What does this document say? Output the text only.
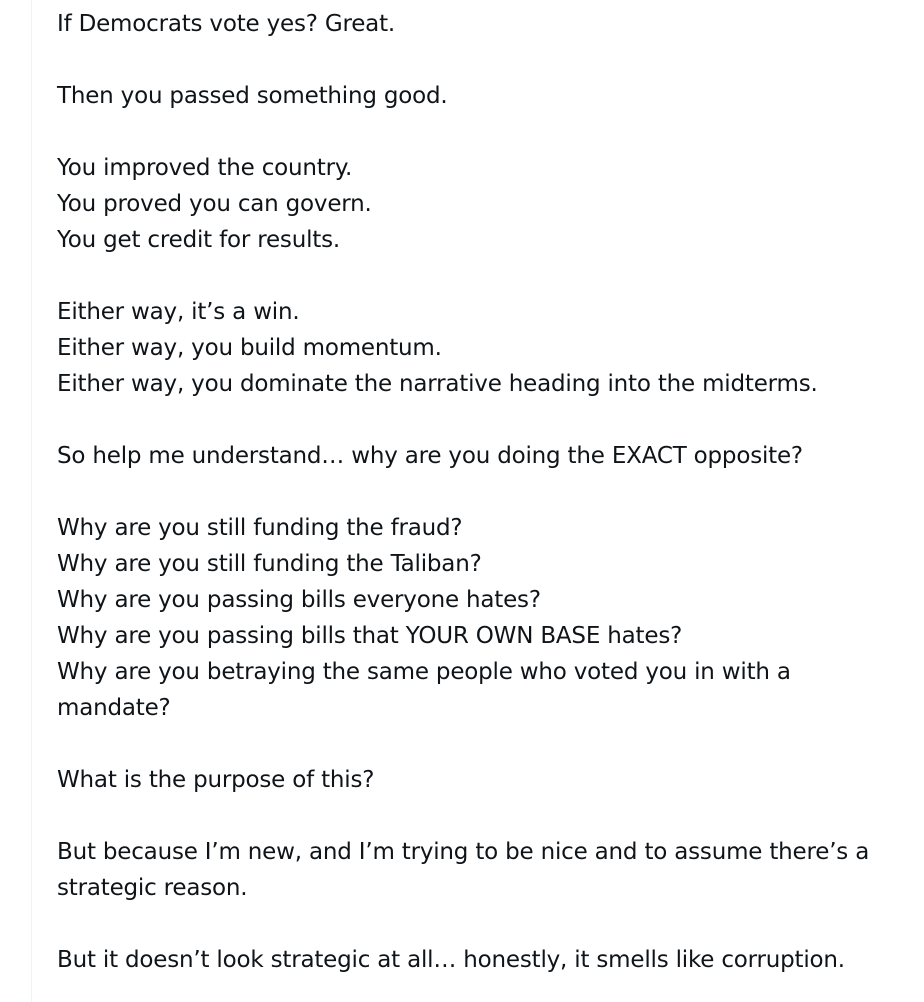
If Democrats vote yes? Great.

Then you passed something good.

You improved the country.
You proved you can govern.
You get credit for results.

Either way, it’s a win.
Either way, you build momentum.
Either way, you dominate the narrative heading into the midterms.

So help me understand… why are you doing the EXACT opposite?

Why are you still funding the fraud?
Why are you still funding the Taliban?
Why are you passing bills everyone hates?
Why are you passing bills that YOUR OWN BASE hates?
Why are you betraying the same people who voted you in with a mandate?

What is the purpose of this?

But because I’m new, and I’m trying to be nice and to assume there’s a strategic reason.

But it doesn’t look strategic at all… honestly, it smells like corruption.
